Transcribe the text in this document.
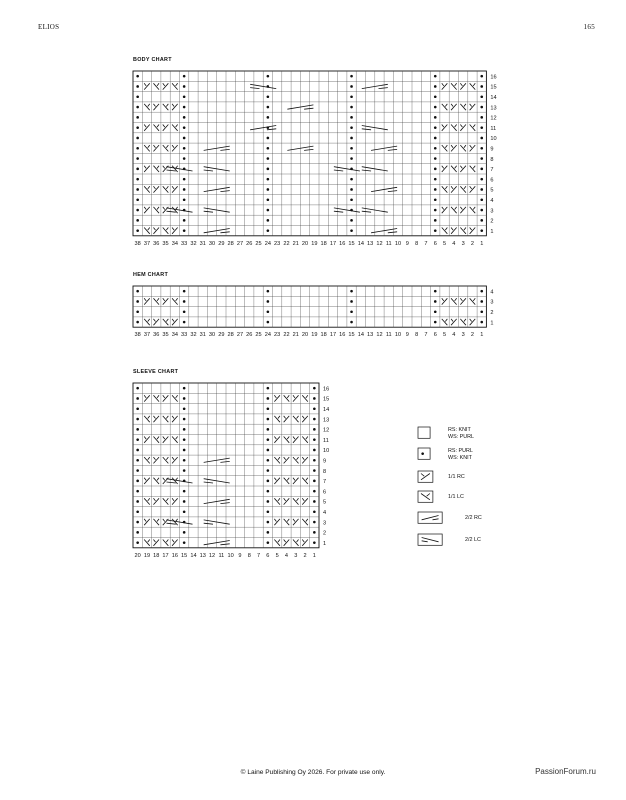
ELIOS	165
BODY CHART
1
2
3
4
5
6
7
8
9
10
11
12
13
14
15
16
1
2
3
4
5
6
7
8
9
10
11
12
13
14
15
16
17
18
19
20
21
22
23
24
25
26
27
28
29
30
31
32
33
34
35
36
37
38
HEM CHART
1
2
3
4
1
2
3
4
5
6
7
8
9
10
11
12
13
14
15
16
17
18
19
20
21
22
23
24
25
26
27
28
29
30
31
32
33
34
35
36
37
38
SLEEVE CHART
1
2
3
4
5
6
7
8
9
10
11
12
13
14
15
16
1
2
3
4
5
6
7
8
9
10
11
12
13
14
15
16
17
18
19
20
RS: KNIT
WS: PURL
RS: PURL
WS: KNIT
1/1 RC
1/1 LC
2/2 RC
2/2 LC
© Laine Publishing Oy 2026. For private use only.	PassionForum.ru
